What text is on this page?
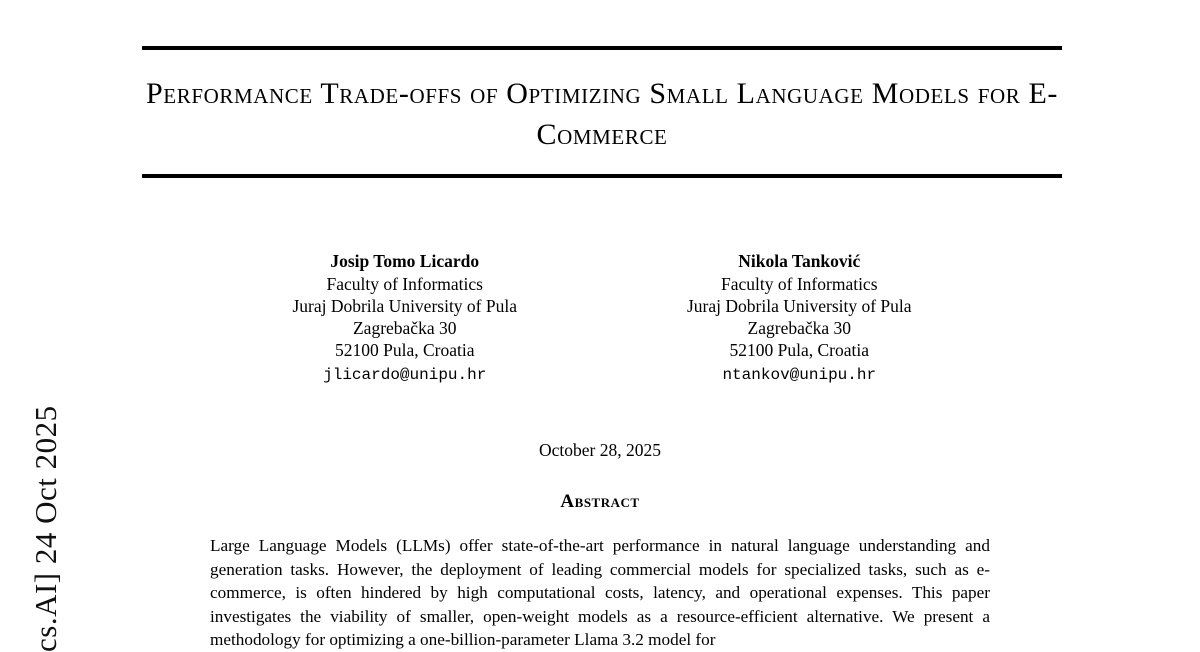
cs.AI] 24 Oct 2025
Performance Trade-offs of Optimizing Small Language Models for E-Commerce
Josip Tomo Licardo
Faculty of Informatics
Juraj Dobrila University of Pula
Zagrebačka 30
52100 Pula, Croatia
jlicardo@unipu.hr
Nikola Tanković
Faculty of Informatics
Juraj Dobrila University of Pula
Zagrebačka 30
52100 Pula, Croatia
ntankov@unipu.hr
October 28, 2025
Abstract

Large Language Models (LLMs) offer state-of-the-art performance in natural language understanding and generation tasks. However, the deployment of leading commercial models for specialized tasks, such as e-commerce, is often hindered by high computational costs, latency, and operational expenses. This paper investigates the viability of smaller, open-weight models as a resource-efficient alternative. We present a methodology for optimizing a one-billion-parameter Llama 3.2 model for
